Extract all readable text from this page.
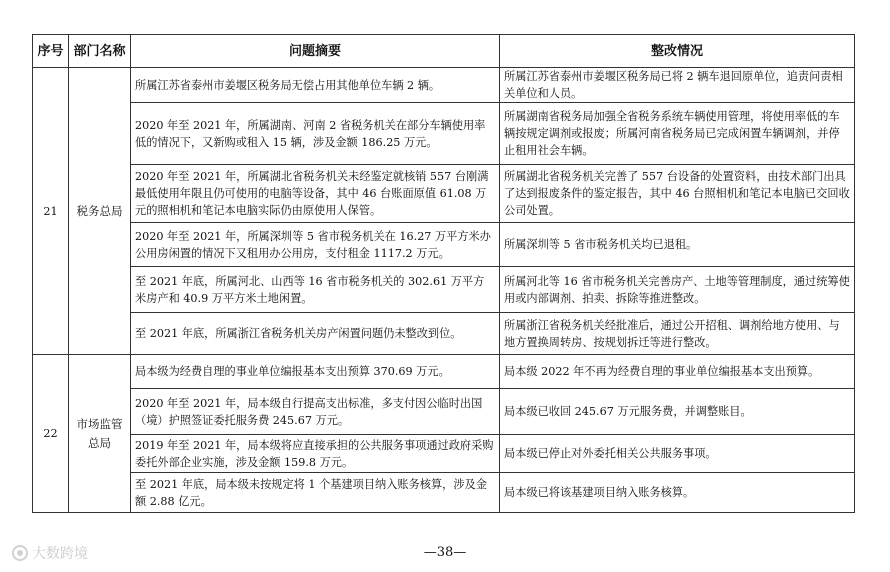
序号	部门名称	问题摘要	整改情况
21	税务总局	所属江苏省泰州市姜堰区税务局无偿占用其他单位车辆 2 辆。	所属江苏省泰州市姜堰区税务局已将 2 辆车退回原单位，追责问责相关单位和人员。
		2020 年至 2021 年，所属湖南、河南 2 省税务机关在部分车辆使用率低的情况下，又新购或租入 15 辆，涉及金额 186.25 万元。	所属湖南省税务局加强全省税务系统车辆使用管理，将使用率低的车辆按规定调剂或报废；所属河南省税务局已完成闲置车辆调剂，并停止租用社会车辆。
		2020 年至 2021 年，所属湖北省税务机关未经鉴定就核销 557 台刚满最低使用年限且仍可使用的电脑等设备，其中 46 台账面原值 61.08 万元的照相机和笔记本电脑实际仍由原使用人保管。	所属湖北省税务机关完善了 557 台设备的处置资料，由技术部门出具了达到报废条件的鉴定报告，其中 46 台照相机和笔记本电脑已交回收公司处置。
		2020 年至 2021 年，所属深圳等 5 省市税务机关在 16.27 万平方米办公用房闲置的情况下又租用办公用房，支付租金 1117.2 万元。	所属深圳等 5 省市税务机关均已退租。
		至 2021 年底，所属河北、山西等 16 省市税务机关的 302.61 万平方米房产和 40.9 万平方米土地闲置。	所属河北等 16 省市税务机关完善房产、土地等管理制度，通过统筹使用或内部调剂、拍卖、拆除等推进整改。
		至 2021 年底，所属浙江省税务机关房产闲置问题仍未整改到位。	所属浙江省税务机关经批准后，通过公开招租、调剂给地方使用、与地方置换周转房、按规划拆迁等进行整改。
22	市场监管总局	局本级为经费自理的事业单位编报基本支出预算 370.69 万元。	局本级 2022 年不再为经费自理的事业单位编报基本支出预算。
		2020 年至 2021 年，局本级自行提高支出标准，多支付因公临时出国（境）护照签证委托服务费 245.67 万元。	局本级已收回 245.67 万元服务费，并调整账目。
		2019 年至 2021 年，局本级将应直接承担的公共服务事项通过政府采购委托外部企业实施，涉及金额 159.8 万元。	局本级已停止对外委托相关公共服务事项。
		至 2021 年底，局本级未按规定将 1 个基建项目纳入账务核算，涉及金额 2.88 亿元。	局本级已将该基建项目纳入账务核算。
大数跨境	—38—
